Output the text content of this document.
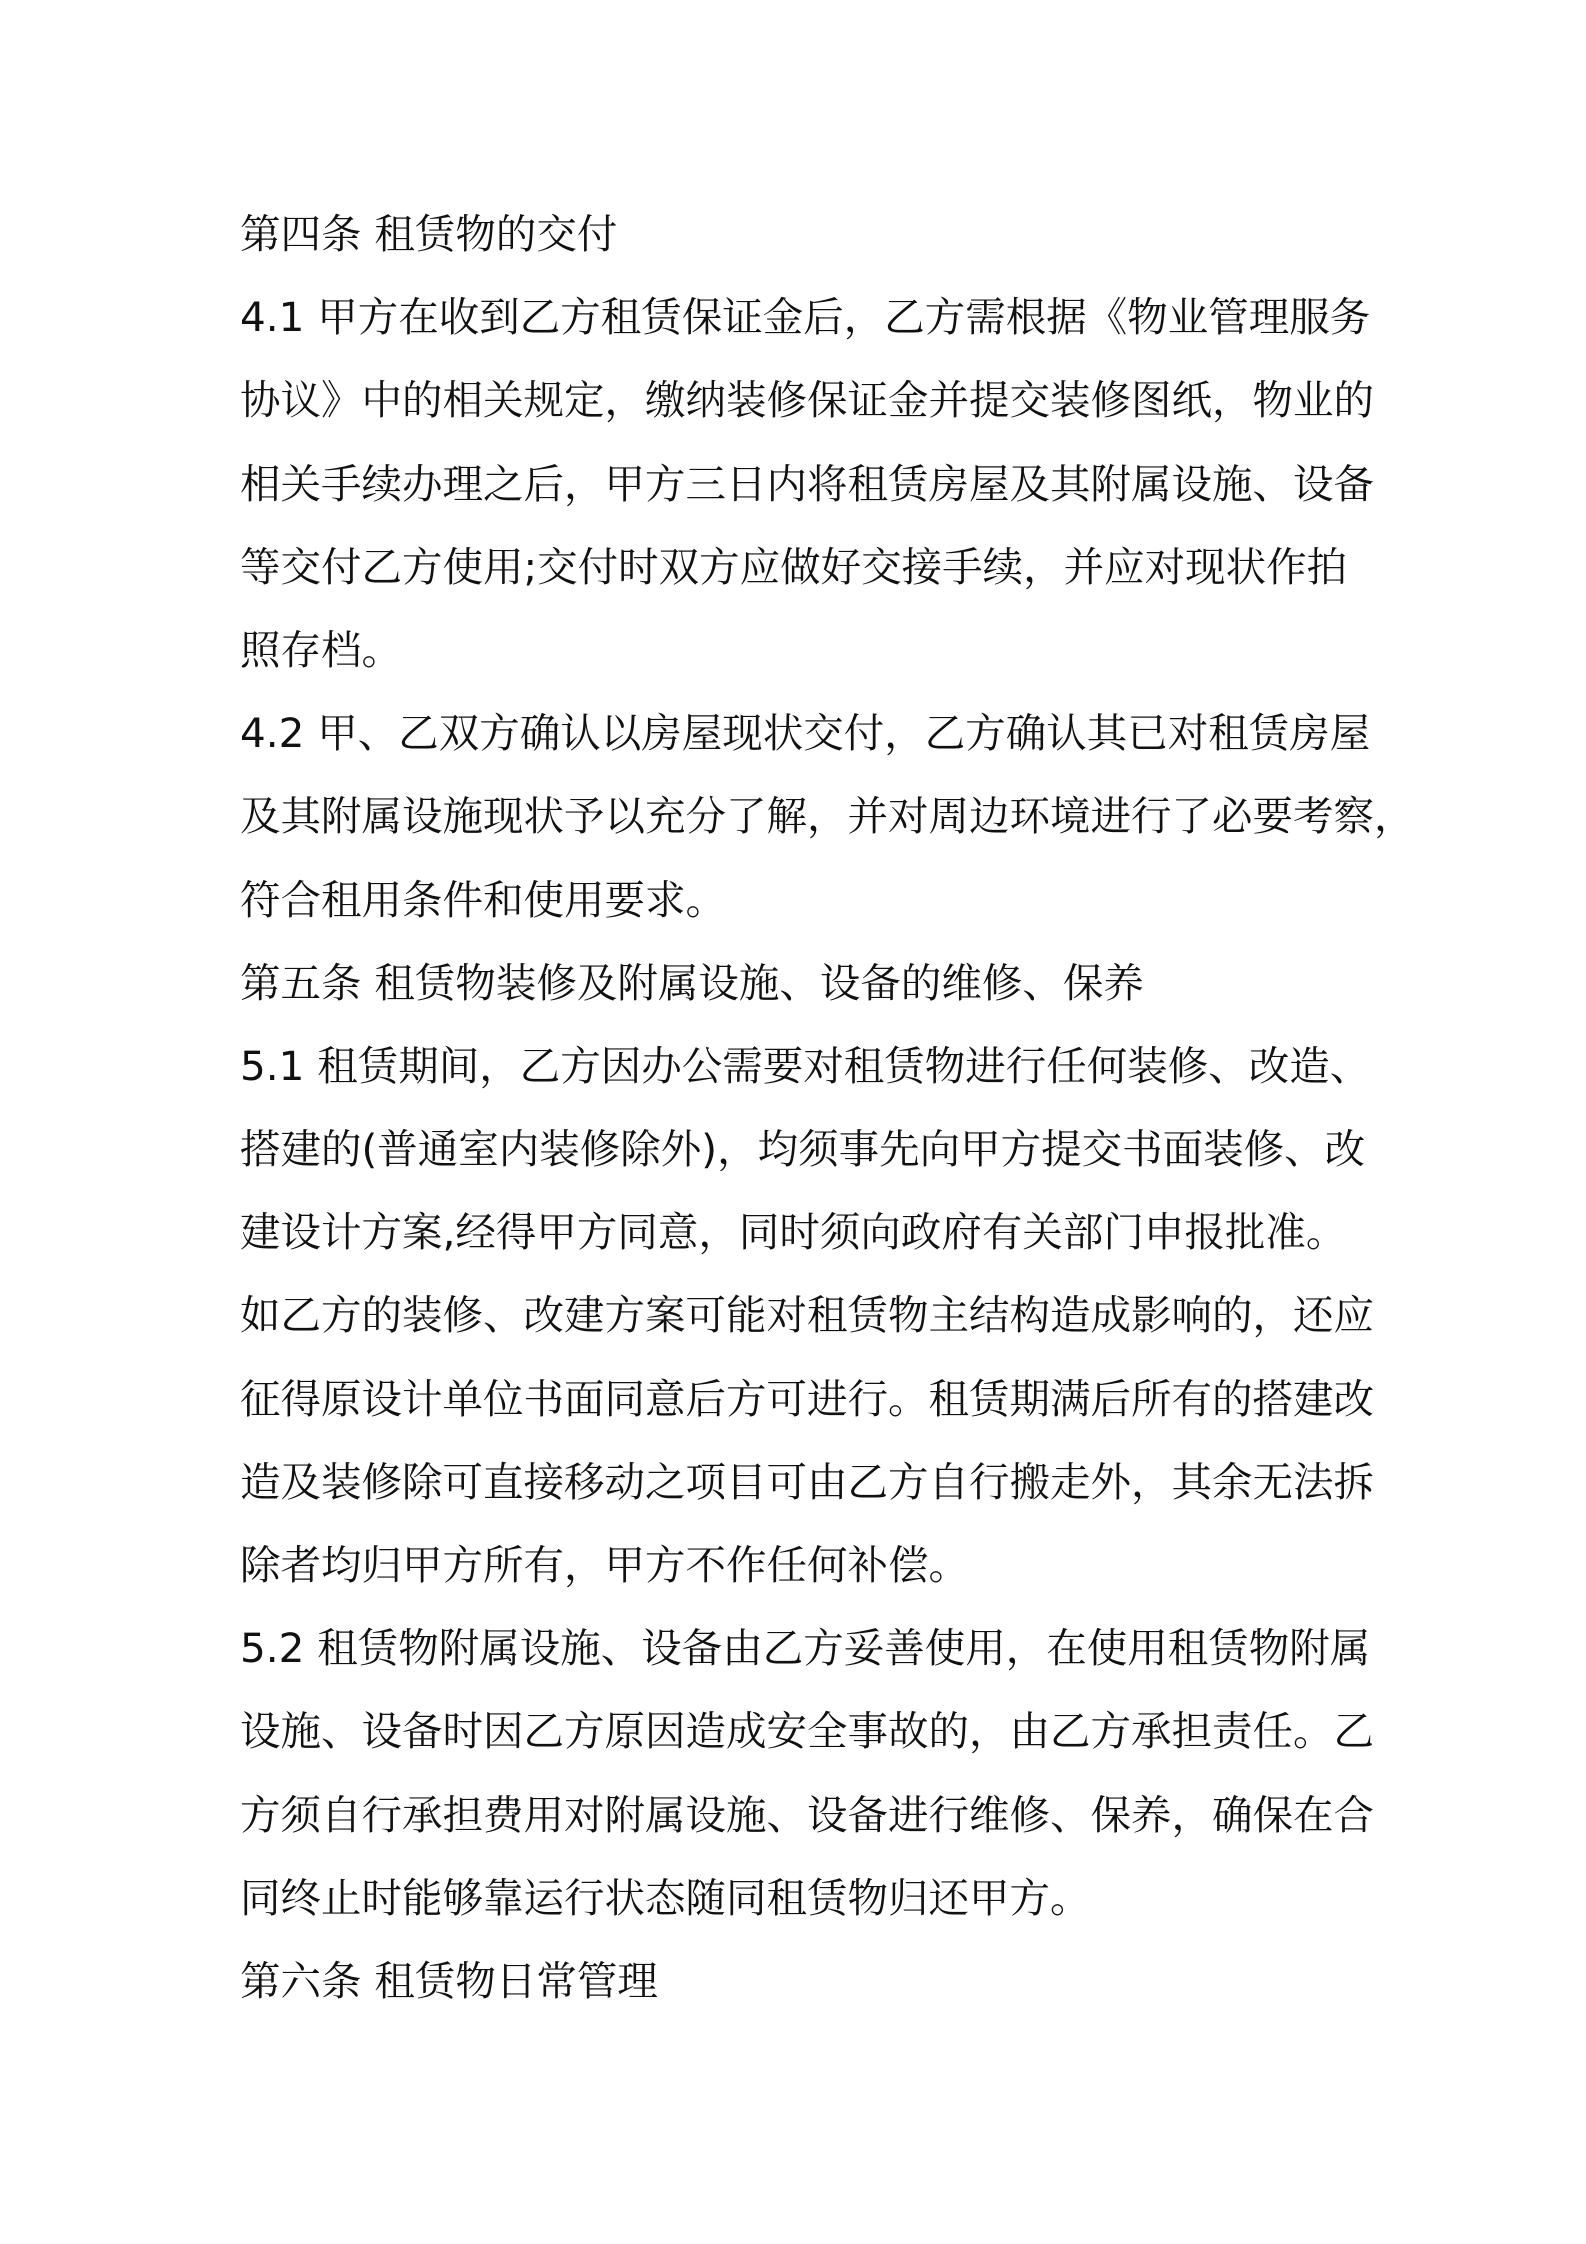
第四条 租赁物的交付
4.1 甲方在收到乙方租赁保证金后，乙方需根据《物业管理服务
协议》中的相关规定，缴纳装修保证金并提交装修图纸，物业的
相关手续办理之后，甲方三日内将租赁房屋及其附属设施、设备
等交付乙方使用;交付时双方应做好交接手续，并应对现状作拍
照存档。
4.2 甲、乙双方确认以房屋现状交付，乙方确认其已对租赁房屋
及其附属设施现状予以充分了解，并对周边环境进行了必要考察，
符合租用条件和使用要求。
第五条 租赁物装修及附属设施、设备的维修、保养
5.1 租赁期间，乙方因办公需要对租赁物进行任何装修、改造、
搭建的(普通室内装修除外)，均须事先向甲方提交书面装修、改
建设计方案,经得甲方同意，同时须向政府有关部门申报批准。
如乙方的装修、改建方案可能对租赁物主结构造成影响的，还应
征得原设计单位书面同意后方可进行。租赁期满后所有的搭建改
造及装修除可直接移动之项目可由乙方自行搬走外，其余无法拆
除者均归甲方所有，甲方不作任何补偿。
5.2 租赁物附属设施、设备由乙方妥善使用，在使用租赁物附属
设施、设备时因乙方原因造成安全事故的，由乙方承担责任。乙
方须自行承担费用对附属设施、设备进行维修、保养，确保在合
同终止时能够靠运行状态随同租赁物归还甲方。
第六条 租赁物日常管理
